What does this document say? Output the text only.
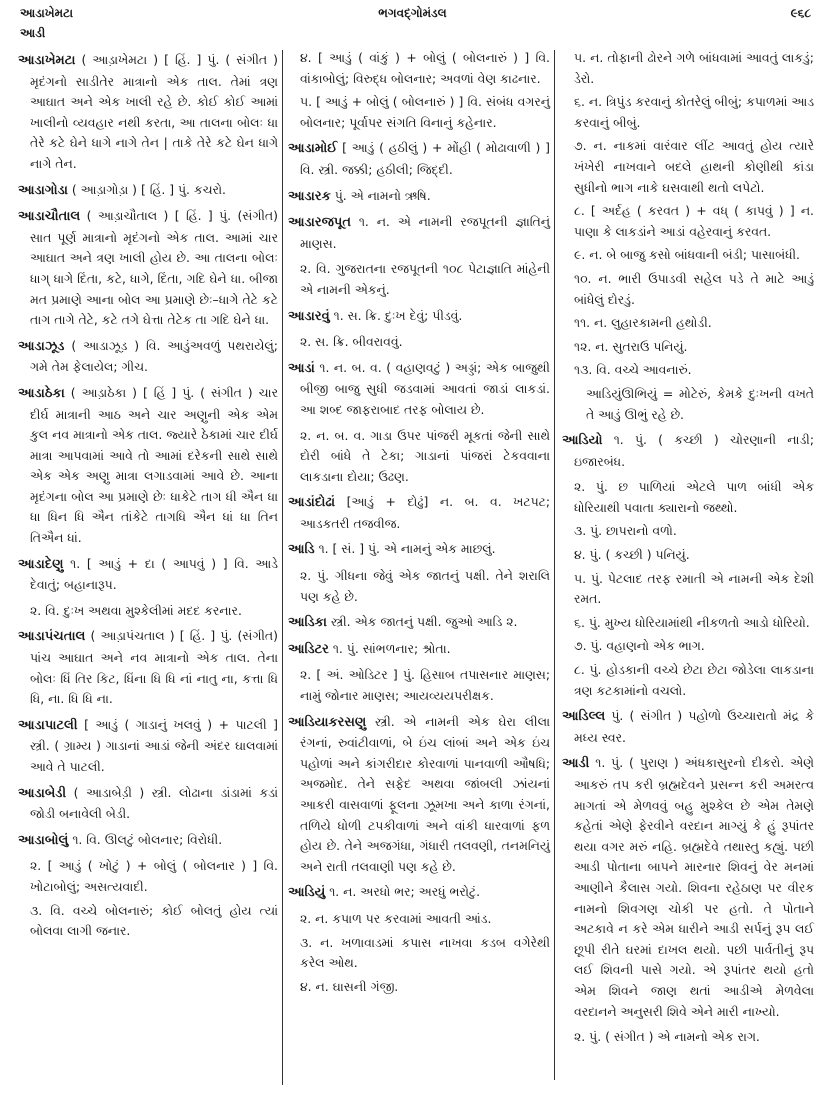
આડાખેમટા
આડી
ભગવદ્ગોમંડલ	૯૬૮
આડાખેમટા ( આડ઼ાખેમટા ) [ હિં. ] પું. ( સંગીત ) મૃદંગનો સાડીતેર માત્રાનો એક તાલ. તેમાં ત્રણ આઘાત અને એક ખાલી રહે છે. કોઈ કોઈ આમાં ખાલીનો વ્યવહાર નથી કરતા, આ તાલના બોલઃ ધા તેરે કટે ઘેને ધાગે નાગે તેન | તાકે તેરે કટે ઘેન ધાગે નાગે તેન.
આડાગોડા ( આડ઼ાગોડ઼ા ) [ હિં. ] પું. કચરો.
આડાચૌતાલ ( આડ઼ાચૌતાલ ) [ હિં. ] પું. (સંગીત) સાત પૂર્ણ માત્રાનો મૃદંગનો એક તાલ. આમાં ચાર આઘાત અને ત્રણ ખાલી હોય છે. આ તાલના બોલઃ ધાગ્ ધાગે દિંતા, કટે, ધાગે, દિંતા, ગદિ ઘેને ધા. બીજા મત પ્રમાણે આના બોલ આ પ્રમાણે છેઃ–ધાગે તેટે કટે તાગ તાગે તેટે, કટે તગે ઘેત્તા તેટેક તા ગદિ ઘેને ધા.
આડાઝૂડ ( આડાઝૂડ઼ ) વિ. આડુંઅવળું પથરાયેલું; ગમે તેમ ફેલાયેલ; ગીચ.
આડાઠેકા ( આડ઼ાઠેકા ) [ હિં ] પું. ( સંગીત ) ચાર દીર્ઘ માત્રાની આઠ અને ચાર અણુની એક એમ કુલ નવ માત્રાનો એક તાલ. જ્યારે ઠેકામાં ચાર દીર્ઘ માત્રા આપવામાં આવે તો આમાં દરેકની સાથે સાથે એક એક અણુ માત્રા લગાડવામાં આવે છે. આના મૃદંગના બોલ આ પ્રમાણે છેઃ ધાકેટે તાગ ધી ઐન ધા ધા ધિન ધિ ઐન તાંકેટે તાગધિ ઐન ધાં ધા તિન તિઐન ધાં.
આડાદેણુ ૧. [ આડું + દા ( આપવું ) ] વિ. આડે દેવાતું; બહાનારૂપ.
૨. વિ. દુઃખ અથવા મુશ્કેલીમાં મદદ કરનાર.
આડાપંચતાલ ( આડ઼ાપંચતાલ ) [ હિં. ] પું. (સંગીત) પાંચ આઘાત અને નવ માત્રાનો એક તાલ. તેના બોલઃ ધિં તિર કિટ, ધિંના ધિ ધિ નાં નાતુ ના, કત્તા ધિ ધિ, ના. ધિ ધિ ના.
આડાપાટલી [ આડું ( ગાડાનું ખલવું ) + પાટલી ] સ્ત્રી. ( ગ્રામ્ય ) ગાડાનાં આડાં જેની અંદર ઘાલવામાં આવે તે પાટલી.
આડાબેડી ( આડાબેડ઼ી ) સ્ત્રી. લોઢાના ડાંડામાં કડાં જોડી બનાવેલી બેડી.
આડાબોલું ૧. વિ. ઊલટું બોલનાર; વિરોધી.
૨. [ આડું ( ખોટું ) + બોલું ( બોલનાર ) ] વિ. ખોટાબોલું; અસત્યવાદી.
૩. વિ. વચ્ચે બોલનારું; કોઈ બોલતું હોય ત્યાં બોલવા લાગી જનાર.
૪. [ આડું ( વાંકું ) + બોલું ( બોલનારું ) ] વિ. વાંકાબોલું; વિરુદ્ધ બોલનાર; અવળાં વેણ કાઢનાર.
૫. [ આડું + બોલું ( બોલનારું ) ] વિ. સંબંધ વગરનું બોલનાર; પૂર્વાપર સંગતિ વિનાનું કહેનાર.
આડામોઈ [ આડું ( હઠીલું ) + મોંહી ( મોઢાવાળી ) ] વિ. સ્ત્રી. જક્કી; હઠીલી; જિદ્દી.
આડારક પું. એ નામનો ઋષિ.
આડારજપૂત ૧. ન. એ નામની રજપૂતની જ્ઞાતિનું માણસ.
૨. વિ. ગુજરાતના રજપૂતની ૧૦૮ પેટાજ્ઞાતિ માંહેની એ નામની એકનું.
આડારવું ૧. સ. ક્રિ. દુઃખ દેવું; પીડવું.
૨. સ. ક્રિ. બીવરાવવું.
આડાં ૧. ન. બ. વ. ( વહાણવટું ) અડ્ડાં; એક બાજુથી બીજી બાજુ સુધી જડવામાં આવતાં જાડાં લાકડાં. આ શબ્દ જાફરાબાદ તરફ બોલાય છે.
૨. ન. બ. વ. ગાડા ઉપર પાંજરી મૂકતાં જેની સાથે દોરી બાંધે તે ટેકા; ગાડાનાં પાંજરાં ટેકવવાના લાકડાના દોયા; ઉઢણ.
આડાંદોઢાં [આડું + દોઢું] ન. બ. વ. ખટપટ; આડકતરી તજવીજ.
આડિ ૧. [ સં. ] પું. એ નામનું એક માછલું.
૨. પું. ગીધના જેવું એક જાતનું પક્ષી. તેને શરાલિ પણ કહે છે.
આડિકા સ્ત્રી. એક જાતનું પક્ષી. જુઓ આડિ ૨.
આડિટર ૧. પું. સાંભળનાર; શ્રોતા.
૨. [ અં. ઓડિટર ] પું. હિસાબ તપાસનાર માણસ; નામું જોનાર માણસ; આયવ્યયપરીક્ષક.
આડિયાકરસણુ સ્ત્રી. એ નામની એક ઘેરા લીલા રંગનાં, રુવાંટીવાળાં, બે ઇંચ લાંબાં અને એક ઇંચ પહોળાં અને કાંગરીદાર કોરવાળાં પાનવાળી ઔષધિ; અજમોદ. તેને સફેદ અથવા જાંબલી ઝાંયનાં આકરી વાસવાળાં ફૂલના ઝૂમખા અને કાળા રંગનાં, તળિયે ધોળી ટપકીવાળાં અને વાંકી ધારવાળાં ફળ હોય છે. તેને અજગંધા, ગંધારી તલવણી, તનમનિયું અને રાતી તલવાણી પણ કહે છે.
આડિયું ૧. ન. અરધો ભર; અરધું ભરોટું.
૨. ન. કપાળ પર કરવામાં આવતી આંડ.
૩. ન. ખળાવાડમાં કપાસ નાખવા કડબ વગેરેથી કરેલ ઓથ.
૪. ન. ઘાસની ગંજી.
૫. ન. તોફાની ઢોરને ગળે બાંધવામાં આવતું લાકડું; ડેરો.
૬. ન. ત્રિપુંડ કરવાનું કોતરેલું બીબું; કપાળમાં આડ કરવાનું બીબું.
૭. ન. નાકમાં વારંવાર લીંટ આવતું હોય ત્યારે ખંખેરી નાખવાને બદલે હાથની કોણીથી કાંડા સુધીનો ભાગ નાકે ઘસવાથી થતો લપેટો.
૮. [ અર્દહ ( કરવત ) + વધ્ ( કાપવું ) ] ન. પાણા કે લાકડાંને આડાં વહેરવાનું કરવત.
૯. ન. બે બાજુ કસો બાંધવાની બંડી; પાસાબંધી.
૧૦. ન. ભારી ઉપાડવી સહેલ પડે તે માટે આડું બાંધેલું દોરડું.
૧૧. ન. લુહારકામની હથોડી.
૧૨. ન. સુતરાઉ પનિયું.
૧૩. વિ. વચ્ચે આવનારું.
આડિયુંઊભિયું = મોટેરું, કેમકે દુઃખની વખતે તે આડું ઊભું રહે છે.
આડિયો ૧. પું. ( કચ્છી ) ચોરણાની નાડી; ઇજારબંધ.
૨. પું. છ પાળિયાં એટલે પાળ બાંધી એક ધોરિયાથી પવાતા ક્યારાનો જથ્થો.
૩. પું. છાપરાનો વળો.
૪. પું. ( કચ્છી ) પનિયું.
૫. પું. પેટલાદ તરફ રમાતી એ નામની એક દેશી રમત.
૬. પું. મુખ્ય ધોરિયામાંથી નીકળતો આડો ધોરિયો.
૭. પું. વહાણનો એક ભાગ.
૮. પું. હોડકાની વચ્ચે છેટા છેટા જોડેલા લાકડાના ત્રણ કટકામાંનો વચલો.
આડિલ્લ પું. ( સંગીત ) પહોળો ઉચ્ચારાતો મંદ્ર કે મધ્ય સ્વર.
આડી ૧. પું. ( પુરાણ ) અંધકાસુરનો દીકરો. એણે આકરું તપ કરી બ્રહ્મદેવને પ્રસન્ન કરી અમરત્વ માગતાં એ મેળવવું બહુ મુશ્કેલ છે એમ તેમણે કહેતાં એણે ફેરવીને વરદાન માગ્યું કે હું રૂપાંતર થયા વગર મરું નહિ. બ્રહ્મદેવે તથાસ્તુ કહ્યું. પછી આડી પોતાના બાપને મારનાર શિવનું વેર મનમાં આણીને કૈલાસ ગયો. શિવના રહેઠાણ પર વીરક નામનો શિવગણ ચોકી પર હતો. તે પોતાને અટકાવે ન કરે એમ ધારીને આડી સર્પનું રૂપ લઈ છૂપી રીતે ઘરમાં દાખલ થયો. પછી પાર્વતીનું રૂપ લઈ શિવની પાસે ગયો. એ રૂપાંતર થયો હતો એમ શિવને જાણ થતાં આડીએ મેળવેલા વરદાનને અનુસરી શિવે એને મારી નાખ્યો.
૨. પું. ( સંગીત ) એ નામનો એક રાગ.
